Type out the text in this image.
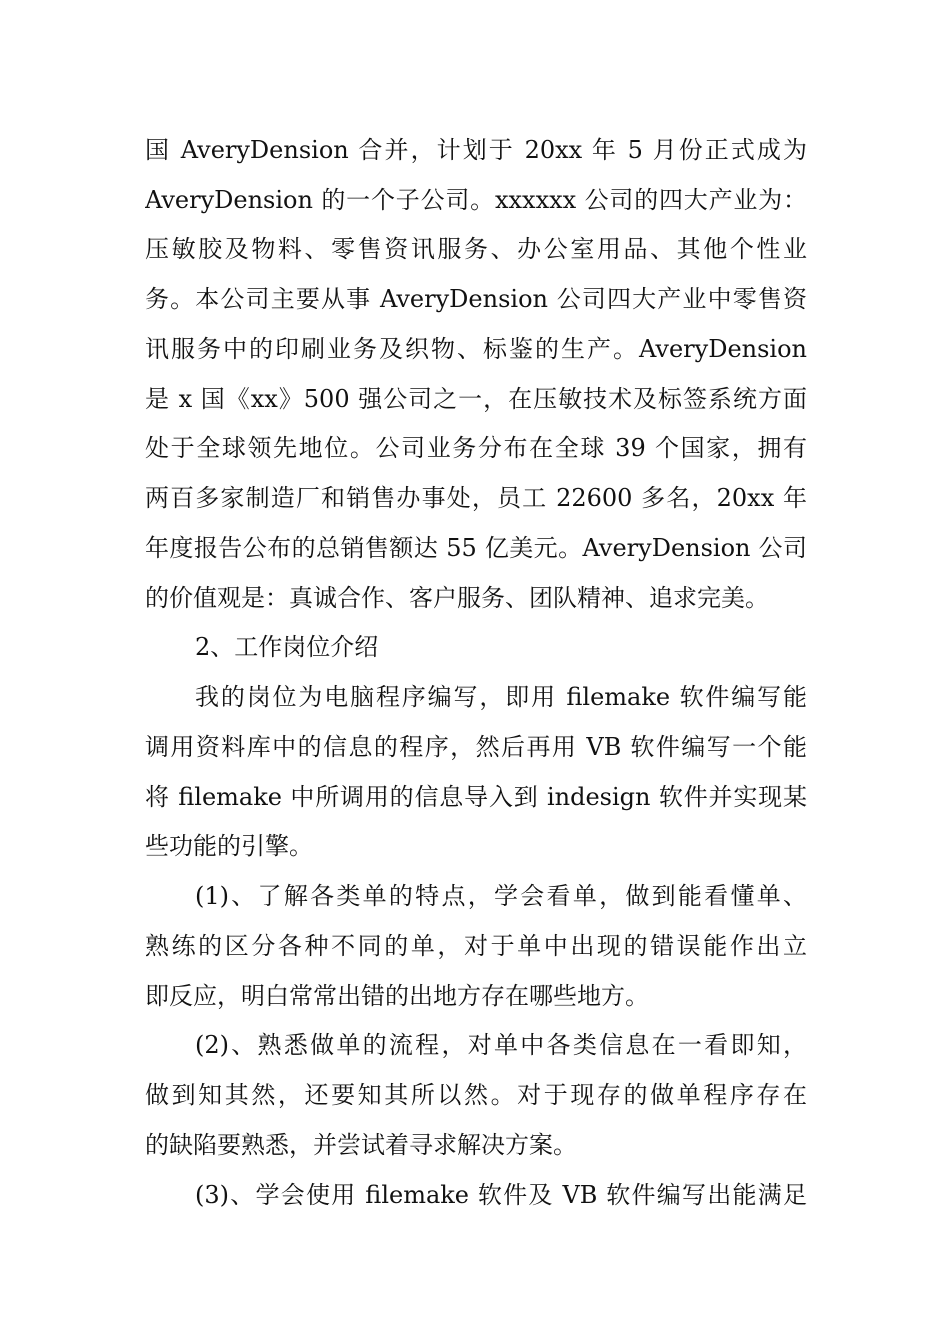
国 AveryDension 合并，计划于 20xx 年 5 月份正式成为
AveryDension 的一个子公司。xxxxxx 公司的四大产业为：
压敏胶及物料、零售资讯服务、办公室用品、其他个性业
务。本公司主要从事 AveryDension 公司四大产业中零售资
讯服务中的印刷业务及织物、标鉴的生产。AveryDension
是 x 国《xx》500 强公司之一，在压敏技术及标签系统方面
处于全球领先地位。公司业务分布在全球 39 个国家，拥有
两百多家制造厂和销售办事处，员工 22600 多名，20xx 年
年度报告公布的总销售额达 55 亿美元。AveryDension 公司
的价值观是：真诚合作、客户服务、团队精神、追求完美。
2、工作岗位介绍
我的岗位为电脑程序编写，即用 filemake 软件编写能
调用资料库中的信息的程序，然后再用 VB 软件编写一个能
将 filemake 中所调用的信息导入到 indesign 软件并实现某
些功能的引擎。
(1)、了解各类单的特点，学会看单，做到能看懂单、
熟练的区分各种不同的单，对于单中出现的错误能作出立
即反应，明白常常出错的出地方存在哪些地方。
(2)、熟悉做单的流程，对单中各类信息在一看即知，
做到知其然，还要知其所以然。对于现存的做单程序存在
的缺陷要熟悉，并尝试着寻求解决方案。
(3)、学会使用 filemake 软件及 VB 软件编写出能满足
